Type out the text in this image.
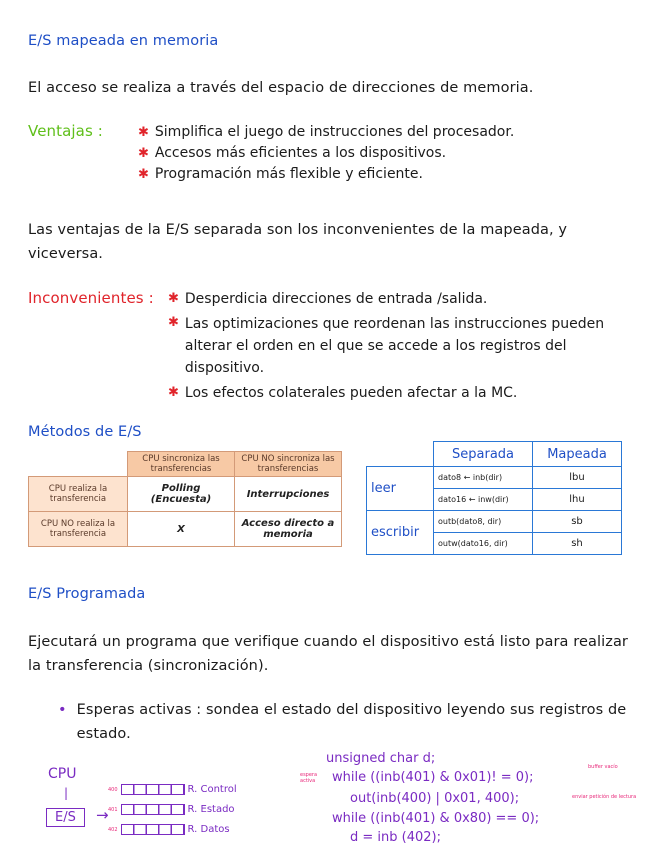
E/S mapeada en memoria
El acceso se realiza a través del espacio de direcciones de memoria.
Ventajas :	✱ Simplifica el juego de instrucciones del procesador.
✱ Accesos más eficientes a los dispositivos.
✱ Programación más flexible y eficiente.
Las ventajas de la E/S separada son los inconvenientes de la mapeada, y viceversa.
Inconvenientes : ✱ Desperdicia direcciones de entrada /salida.
✱ Las optimizaciones que reordenan las instrucciones pueden alterar el orden en el que se accede a los registros del dispositivo.
✱ Los efectos colaterales pueden afectar a la MC.
Métodos de E/S
	CPU sincroniza las transferencias	CPU NO sincroniza las transferencias
CPU realiza la transferencia	Polling (Encuesta)	Interrupciones
CPU NO realiza la transferencia	X	Acceso directo a memoria
	Separada	Mapeada
leer	dato8 ← inb(dir)	lbu
	dato16 ← inw(dir)	lhu
escribir	outb(dato8, dir)	sb
	outw(dato16, dir)	sh
E/S Programada
Ejecutará un programa que verifique cuando el dispositivo está listo para realizar la transferencia (sincronización).
• Esperas activas : sondea el estado del dispositivo leyendo sus registros de estado.
CPU
|
E/S	→
400	R. Control
401	R. Estado
402	R. Datos
unsigned char d;
while ((inb(401) & 0x01)! = 0);
out(inb(400) | 0x01, 400);
while ((inb(401) & 0x80) == 0);
d = inb (402);
espera activa
buffer vacío
enviar petición de lectura
